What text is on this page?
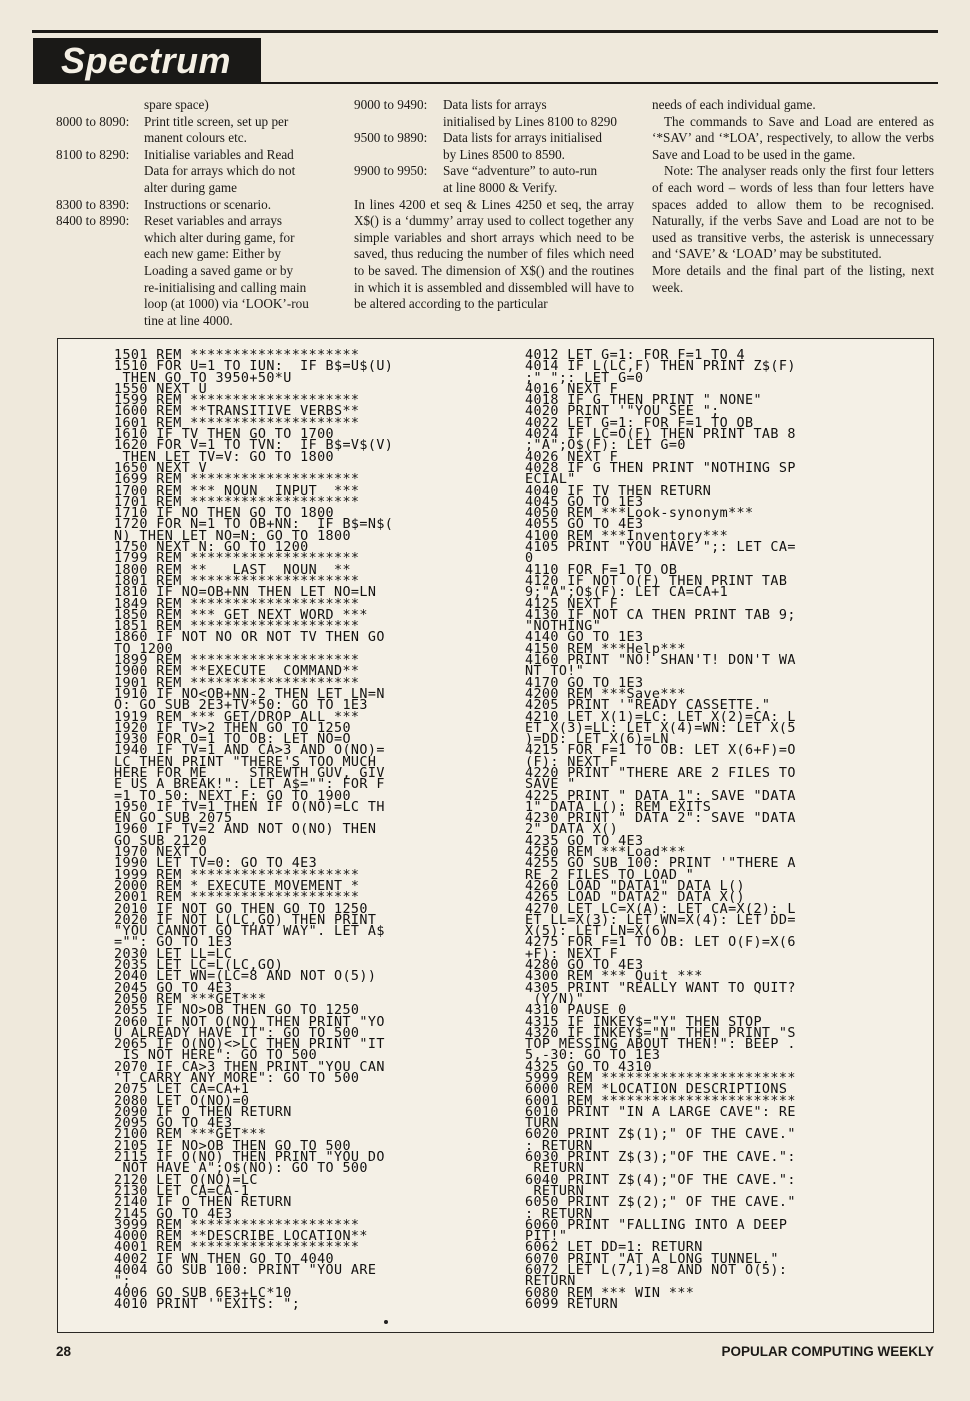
Spectrum
spare space)
8000 to 8090:	Print title screen, set up per
manent colours etc.
8100 to 8290:	Initialise variables and Read
Data for arrays which do not
alter during game
8300 to 8390:	Instructions or scenario.
8400 to 8990:	Reset variables and arrays
which alter during game, for
each new game: Either by
Loading a saved game or by
re-initialising and calling main
loop (at 1000) via ‘LOOK’-rou
tine at line 4000.
9000 to 9490:	Data lists for arrays
initialised by Lines 8100 to 8290
9500 to 9890:	Data lists for arrays initialised
by Lines 8500 to 8590.
9900 to 9950:	Save “adventure” to auto-run
at line 8000 & Verify.

In lines 4200 et seq & Lines 4250 et seq, the array X$() is a ‘dummy’ array used to collect together any simple variables and short arrays which need to be saved, thus reducing the number of files which need to be saved. The dimension of X$() and the routines in which it is assembled and dissembled will have to be altered according to the particular

needs of each individual game.

The commands to Save and Load are entered as ‘*SAV’ and ‘*LOA’, respectively, to allow the verbs Save and Load to be used in the game.

Note: The analyser reads only the first four letters of each word – words of less than four letters have spaces added to allow them to be recognised. Naturally, if the verbs Save and Load are not to be used as transitive verbs, the asterisk is unnecessary and ‘SAVE’ & ‘LOAD’ may be substituted.

More details and the final part of the listing, next week.

1501 REM ********************
1510 FOR U=1 TO IUN:  IF B$=U$(U)
THEN GO TO 3950+50*U
1550 NEXT U
1599 REM ********************
1600 REM **TRANSITIVE VERBS**
1601 REM ********************
1610 IF TV THEN GO TO 1700
1620 FOR V=1 TO TVN:  IF B$=V$(V)
THEN LET TV=V: GO TO 1800
1650 NEXT V
1699 REM ********************
1700 REM *** NOUN  INPUT  ***
1701 REM ********************
1710 IF NO THEN GO TO 1800
1720 FOR N=1 TO OB+NN:  IF B$=N$(
N) THEN LET NO=N: GO TO 1800
1750 NEXT N: GO TO 1200
1799 REM ********************
1800 REM **   LAST  NOUN  **
1801 REM ********************
1810 IF NO=OB+NN THEN LET NO=LN
1849 REM ********************
1850 REM *** GET NEXT WORD ***
1851 REM ********************
1860 IF NOT NO OR NOT TV THEN GO
TO 1200
1899 REM ********************
1900 REM **EXECUTE  COMMAND**
1901 REM ********************
1910 IF NO<OB+NN-2 THEN LET LN=N
O: GO SUB 2E3+TV*50: GO TO 1E3
1919 REM *** GET/DROP ALL ***
1920 IF TV>2 THEN GO TO 1250
1930 FOR O=1 TO OB: LET NO=O
1940 IF TV=1 AND CA>3 AND O(NO)=
LC THEN PRINT "THERE'S TOO MUCH
HERE FOR ME     STREWTH GUV, GIV
E US A BREAK!": LET A$="": FOR F
=1 TO 50: NEXT F: GO TO 1900
1950 IF TV=1 THEN IF O(NO)=LC TH
EN GO SUB 2075
1960 IF TV=2 AND NOT O(NO) THEN
GO SUB 2120
1970 NEXT O
1990 LET TV=0: GO TO 4E3
1999 REM ********************
2000 REM * EXECUTE MOVEMENT *
2001 REM ********************
2010 IF NOT GO THEN GO TO 1250
2020 IF NOT L(LC,GO) THEN PRINT
"YOU CANNOT GO THAT WAY". LET A$
="": GO TO 1E3
2030 LET LL=LC
2035 LET LC=L(LC,GO)
2040 LET WN=(LC=8 AND NOT O(5))
2045 GO TO 4E3
2050 REM ***GET***
2055 IF NO>OB THEN GO TO 1250
2060 IF NOT O(NO) THEN PRINT "YO
U ALREADY HAVE IT": GO TO 500
2065 IF O(NO)<>LC THEN PRINT "IT
IS NOT HERE": GO TO 500
2070 IF CA>3 THEN PRINT "YOU CAN
'T CARRY ANY MORE": GO TO 500
2075 LET CA=CA+1
2080 LET O(NO)=0
2090 IF O THEN RETURN
2095 GO TO 4E3
2100 REM ***GET***
2105 IF NO>OB THEN GO TO 500
2115 IF O(NO) THEN PRINT "YOU DO
NOT HAVE A";O$(NO): GO TO 500
2120 LET O(NO)=LC
2130 LET CA=CA-1
2140 IF O THEN RETURN
2145 GO TO 4E3
3999 REM ********************
4000 REM **DESCRIBE LOCATION**
4001 REM ********************
4002 IF WN THEN GO TO 4040
4004 GO SUB 100: PRINT "YOU ARE
";
4006 GO SUB 6E3+LC*10
4010 PRINT '"EXITS: ";
4012 LET G=1: FOR F=1 TO 4
4014 IF L(LC,F) THEN PRINT Z$(F)
;" ";: LET G=0
4016 NEXT F
4018 IF G THEN PRINT " NONE"
4020 PRINT '"YOU SEE ";
4022 LET G=1: FOR F=1 TO OB
4024 IF LC=O(F) THEN PRINT TAB 8
;"A";O$(F): LET G=0
4026 NEXT F
4028 IF G THEN PRINT "NOTHING SP
ECIAL"
4040 IF TV THEN RETURN
4045 GO TO 1E3
4050 REM ***Look-synonym***
4055 GO TO 4E3
4100 REM ***Inventory***
4105 PRINT "YOU HAVE ";: LET CA=
0
4110 FOR F=1 TO OB
4120 IF NOT O(F) THEN PRINT TAB
9;"A";O$(F): LET CA=CA+1
4125 NEXT F
4130 IF NOT CA THEN PRINT TAB 9;
"NOTHING"
4140 GO TO 1E3
4150 REM ***Help***
4160 PRINT "NO! SHAN'T! DON'T WA
NT TO!"
4170 GO TO 1E3
4200 REM ***Save***
4205 PRINT '"READY CASSETTE."
4210 LET X(1)=LC: LET X(2)=CA: L
ET X(3)=LL: LET X(4)=WN: LET X(5
)=DD: LET X(6)=LN
4215 FOR F=1 TO OB: LET X(6+F)=O
(F): NEXT F
4220 PRINT "THERE ARE 2 FILES TO
SAVE "
4225 PRINT " DATA 1": SAVE "DATA
1" DATA L(): REM EXITS
4230 PRINT " DATA 2": SAVE "DATA
2" DATA X()
4235 GO TO 4E3
4250 REM ***Load***
4255 GO SUB 100: PRINT '"THERE A
RE 2 FILES TO LOAD "
4260 LOAD "DATA1" DATA L()
4265 LOAD "DATA2" DATA X()
4270 LET LC=X(A): LET CA=X(2): L
ET LL=X(3): LET WN=X(4): LET DD=
X(5): LET LN=X(6)
4275 FOR F=1 TO OB: LET O(F)=X(6
+F): NEXT F
4280 GO TO 4E3
4300 REM *** Quit ***
4305 PRINT "REALLY WANT TO QUIT?
(Y/N)"
4310 PAUSE 0
4315 IF INKEY$="Y" THEN STOP
4320 IF INKEY$="N" THEN PRINT "S
TOP MESSING ABOUT THEN!": BEEP .
5,-30: GO TO 1E3
4325 GO TO 4310
5999 REM ***********************
6000 REM *LOCATION DESCRIPTIONS
6001 REM ***********************
6010 PRINT "IN A LARGE CAVE": RE
TURN
6020 PRINT Z$(1);" OF THE CAVE."
: RETURN
6030 PRINT Z$(3);"OF THE CAVE.":
RETURN
6040 PRINT Z$(4);"OF THE CAVE.":
RETURN
6050 PRINT Z$(2);" OF THE CAVE."
: RETURN
6060 PRINT "FALLING INTO A DEEP
PIT!"
6062 LET DD=1: RETURN
6070 PRINT "AT A LONG TUNNEL."
6072 LET L(7,1)=8 AND NOT O(5):
RETURN
6080 REM *** WIN ***
6099 RETURN
28	POPULAR COMPUTING WEEKLY
